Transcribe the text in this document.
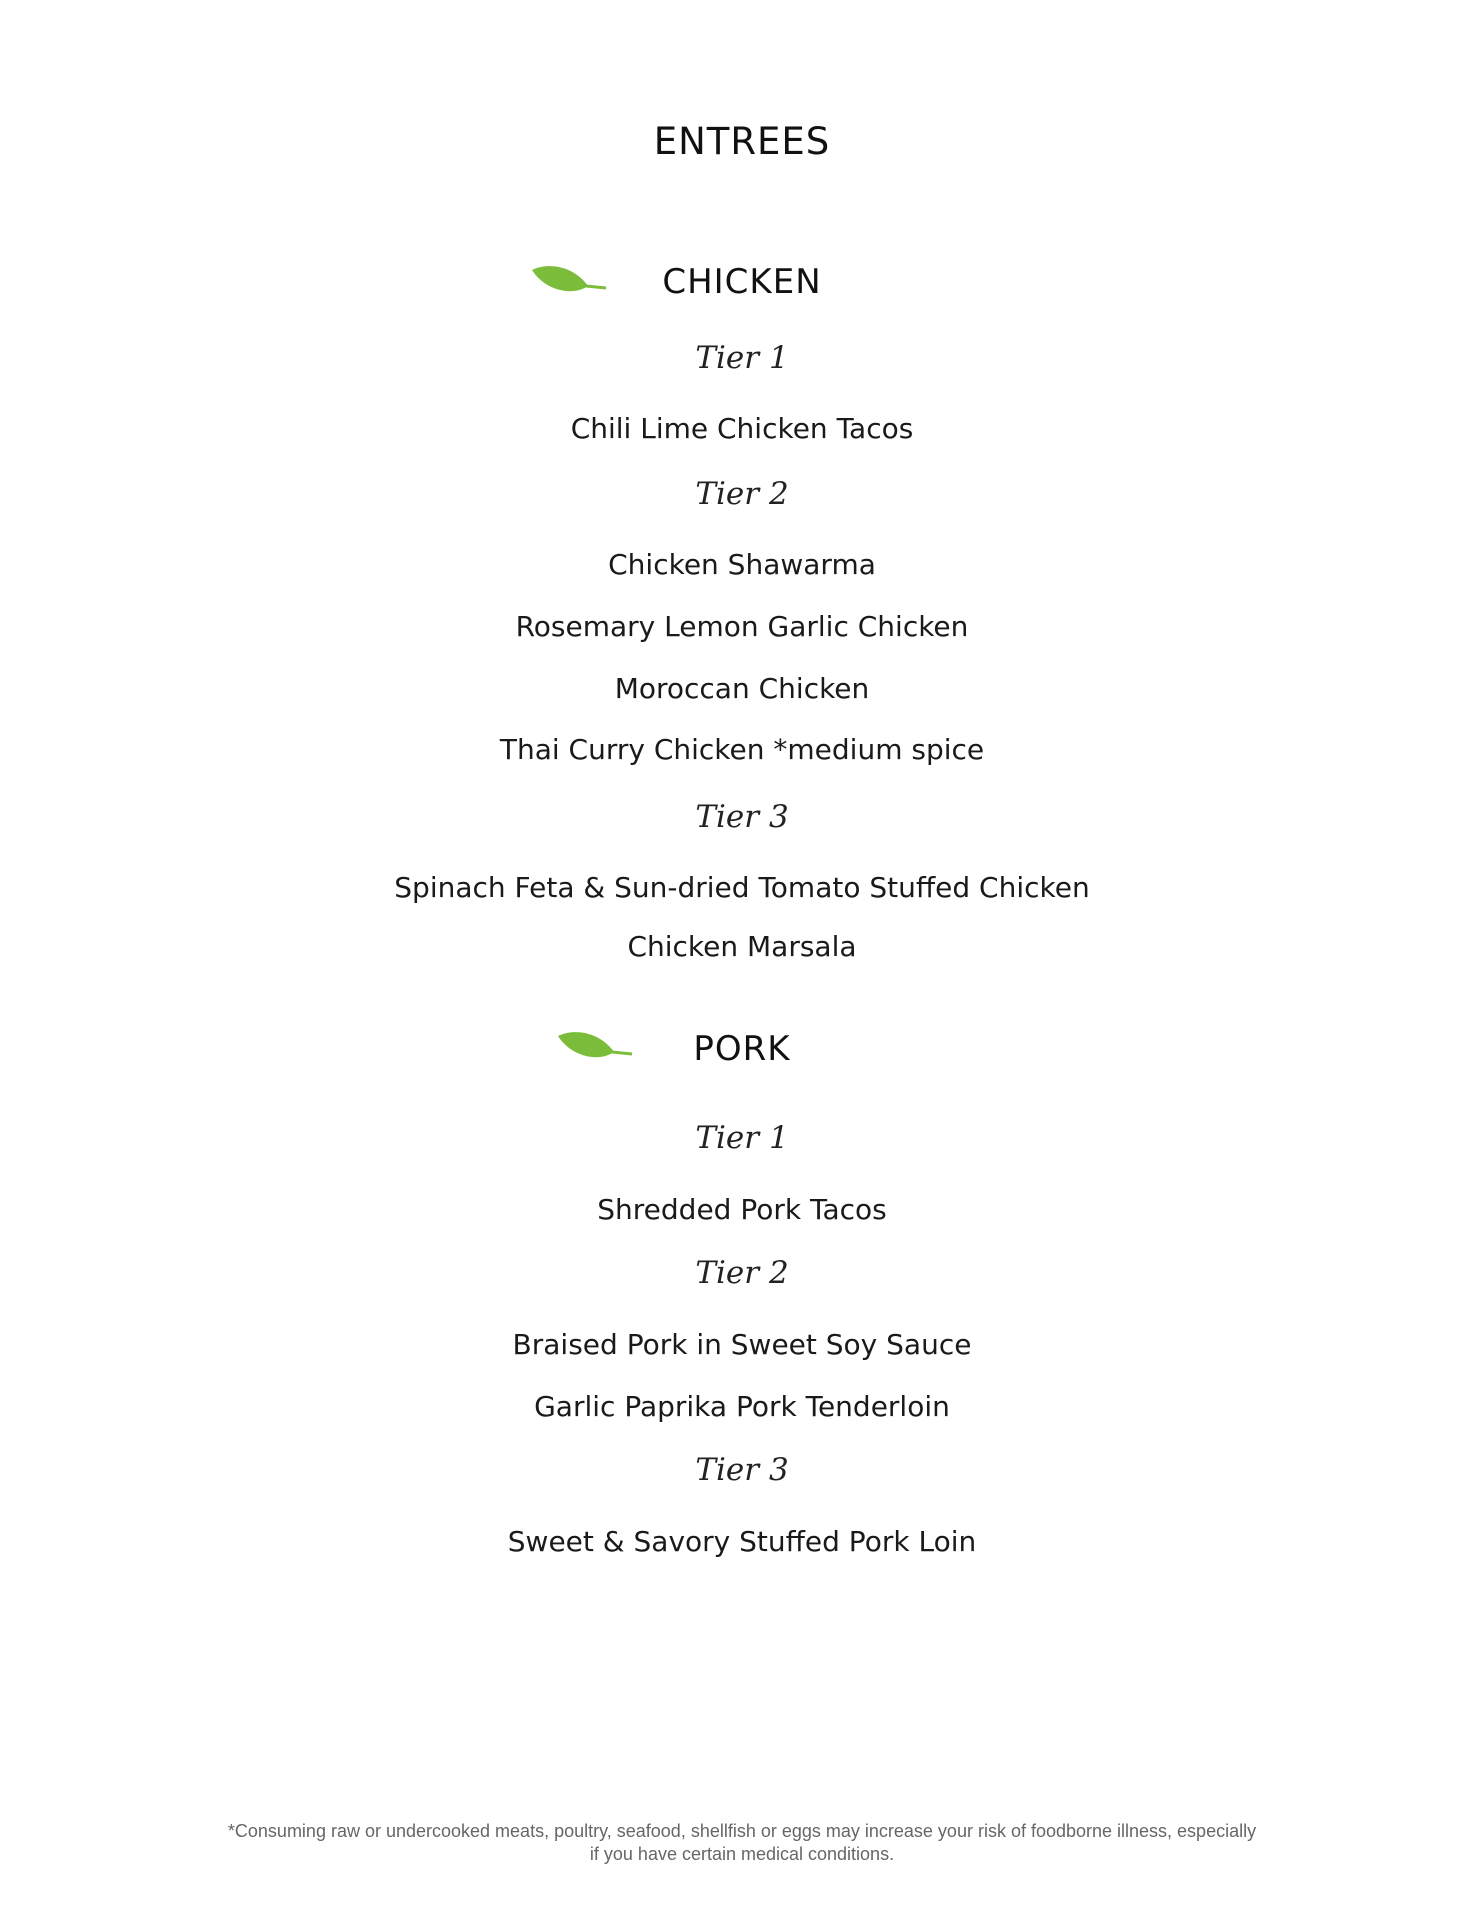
ENTREES
CHICKEN
Tier 1
Chili Lime Chicken Tacos
Tier 2
Chicken Shawarma
Rosemary Lemon Garlic Chicken
Moroccan Chicken
Thai Curry Chicken *medium spice
Tier 3
Spinach Feta & Sun-dried Tomato Stuffed Chicken
Chicken Marsala
PORK
Tier 1
Shredded Pork Tacos
Tier 2
Braised Pork in Sweet Soy Sauce
Garlic Paprika Pork Tenderloin
Tier 3
Sweet & Savory Stuffed Pork Loin
*Consuming raw or undercooked meats, poultry, seafood, shellfish or eggs may increase your risk of foodborne illness, especially
if you have certain medical conditions.
